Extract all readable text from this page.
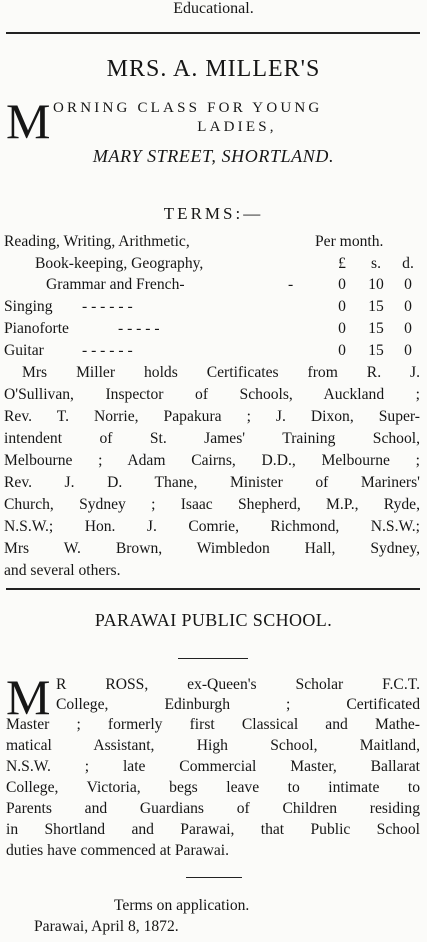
Educational.
MRS. A. MILLER'S
M ORNING CLASS FOR YOUNG
LADIES,
MARY STREET, SHORTLAND.
TERMS:—
Reading, Writing, Arithmetic,	Per month.
Book-keeping, Geography,	£	s.	d.
Grammar and French-	-	0	10	0
Singing - - - - - -	0	15	0
Pianoforte	- - - - -	0	15	0
Guitar - - - - - -	0	15	0
Mrs Miller holds Certificates from R. J.
O'Sullivan, Inspector of Schools, Auckland ;
Rev. T. Norrie, Papakura ; J. Dixon, Super-
intendent of St. James' Training School,
Melbourne ; Adam Cairns, D.D., Melbourne ;
Rev. J. D. Thane, Minister of Mariners'
Church, Sydney ; Isaac Shepherd, M.P., Ryde,
N.S.W.; Hon. J. Comrie, Richmond, N.S.W.;
Mrs W. Brown, Wimbledon Hall, Sydney,
and several others.
PARAWAI PUBLIC SCHOOL.
M R ROSS, ex-Queen's Scholar F.C.T.
College, Edinburgh ; Certificated
Master ; formerly first Classical and Mathe-
matical Assistant, High School, Maitland,
N.S.W. ; late Commercial Master, Ballarat
College, Victoria, begs leave to intimate to
Parents and Guardians of Children residing
in Shortland and Parawai, that Public School
duties have commenced at Parawai.
Terms on application.
Parawai, April 8, 1872.
